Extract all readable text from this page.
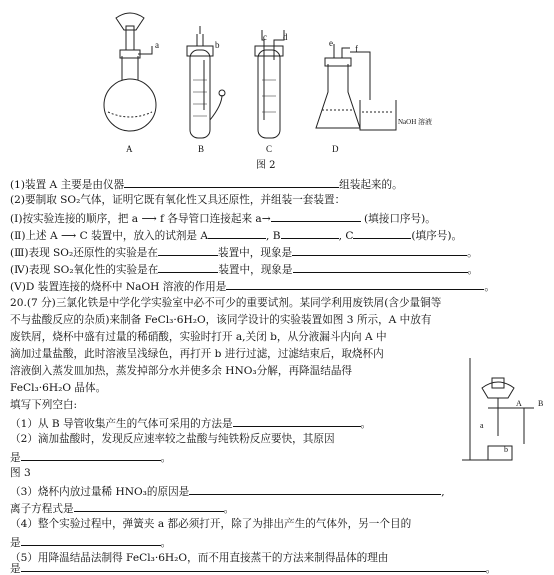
a	b
c d
e
f
A	B	C	D
NaOH 溶液
图 2
A B
a
b
(1)装置 A 主要是由仪器	组装起来的。
(2)要制取 SO₂气体，证明它既有氧化性又具还原性，并组装一套装置：
(Ⅰ)按实验连接的顺序，把 a ⟶ f 各导管口连接起来 a→	(填接口序号)。
(Ⅱ)上述 A ⟶ C 装置中，放入的试剂是 A	, B	, C	(填序号)。
(Ⅲ)表现 SO₂还原性的实验是在	装置中，现象是	。
(Ⅳ)表现 SO₂氧化性的实验是在	装置中，现象是	。
(Ⅴ)D 装置连接的烧杯中 NaOH 溶液的作用是	。
20.(7 分)三氯化铁是中学化学实验室中必不可少的重要试剂。某同学利用废铁屑(含少量铜等
不与盐酸反应的杂质)来制备 FeCl₃·6H₂O，该同学设计的实验装置如图 3 所示，A 中放有
废铁屑，烧杯中盛有过量的稀硝酸，实验时打开 a,关闭 b，从分液漏斗内向 A 中
滴加过量盐酸，此时溶液呈浅绿色，再打开 b 进行过滤，过滤结束后，取烧杯内
溶液倒入蒸发皿加热，蒸发掉部分水并使多余 HNO₃分解，再降温结晶得
FeCl₃·6H₂O 晶体。
填写下列空白:
（1）从 B 导管收集产生的气体可采用的方法是	。
（2）滴加盐酸时，发现反应速率较之盐酸与纯铁粉反应要快，其原因
是	。
图 3
（3）烧杯内放过量稀 HNO₃的原因是	,
离子方程式是	。
（4）整个实验过程中，弹簧夹 a 都必须打开，除了为排出产生的气体外，另一个目的
是	。
（5）用降温结晶法制得 FeCl₃·6H₂O，而不用直接蒸干的方法来制得晶体的理由
是	。
